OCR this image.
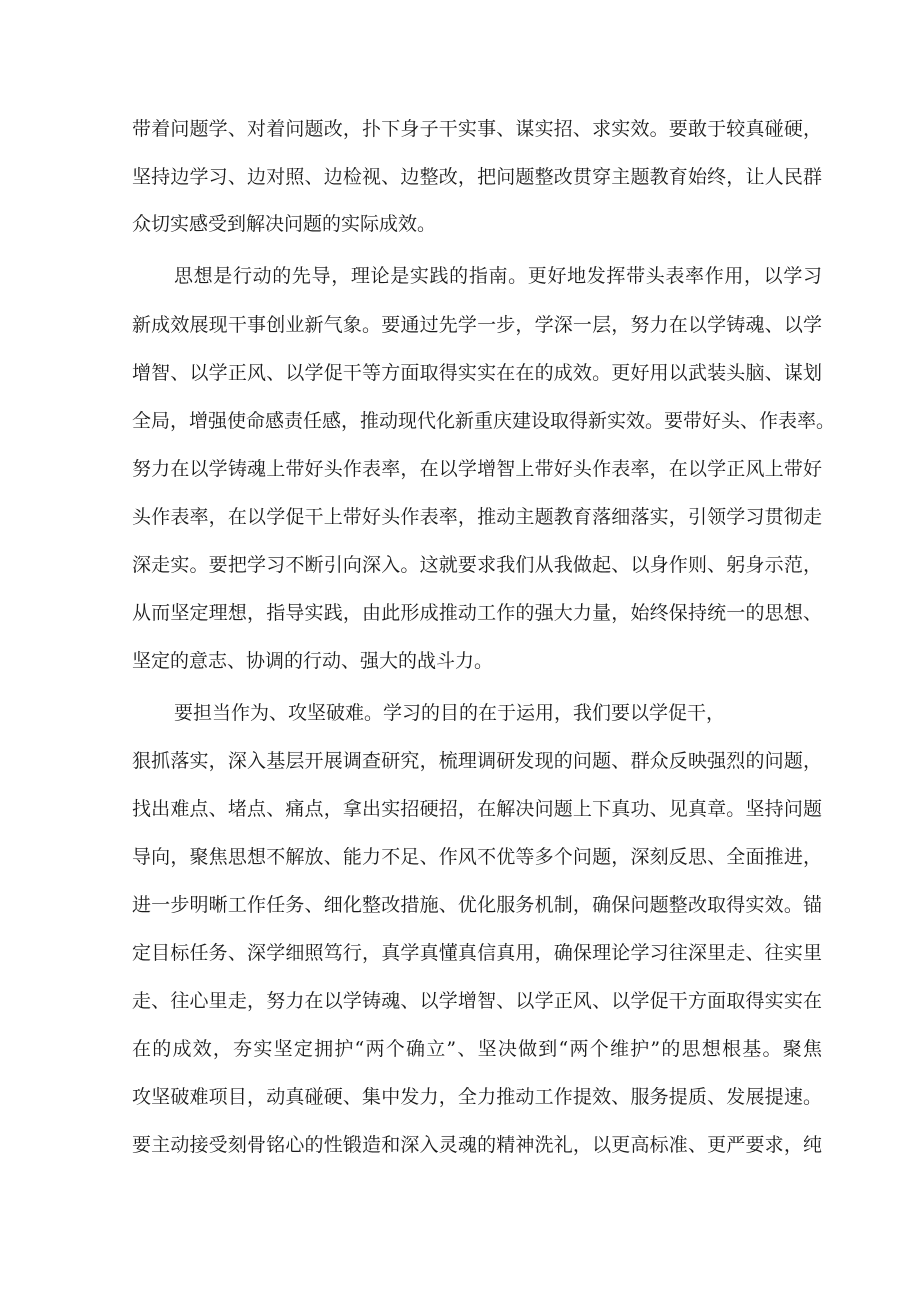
带着问题学、对着问题改，扑下身子干实事、谋实招、求实效。要敢于较真碰硬，
坚持边学习、边对照、边检视、边整改，把问题整改贯穿主题教育始终，让人民群
众切实感受到解决问题的实际成效。
思想是行动的先导，理论是实践的指南。更好地发挥带头表率作用，以学习
新成效展现干事创业新气象。要通过先学一步，学深一层，努力在以学铸魂、以学
增智、以学正风、以学促干等方面取得实实在在的成效。更好用以武装头脑、谋划
全局，增强使命感责任感，推动现代化新重庆建设取得新实效。要带好头、作表率。
努力在以学铸魂上带好头作表率，在以学增智上带好头作表率，在以学正风上带好
头作表率，在以学促干上带好头作表率，推动主题教育落细落实，引领学习贯彻走
深走实。要把学习不断引向深入。这就要求我们从我做起、以身作则、躬身示范，
从而坚定理想，指导实践，由此形成推动工作的强大力量，始终保持统一的思想、
坚定的意志、协调的行动、强大的战斗力。
要担当作为、攻坚破难。学习的目的在于运用，我们要以学促干，
狠抓落实，深入基层开展调查研究，梳理调研发现的问题、群众反映强烈的问题，
找出难点、堵点、痛点，拿出实招硬招，在解决问题上下真功、见真章。坚持问题
导向，聚焦思想不解放、能力不足、作风不优等多个问题，深刻反思、全面推进，
进一步明晰工作任务、细化整改措施、优化服务机制，确保问题整改取得实效。锚
定目标任务、深学细照笃行，真学真懂真信真用，确保理论学习往深里走、往实里
走、往心里走，努力在以学铸魂、以学增智、以学正风、以学促干方面取得实实在
在的成效，夯实坚定拥护“两个确立”、坚决做到“两个维护”的思想根基。聚焦
攻坚破难项目，动真碰硬、集中发力，全力推动工作提效、服务提质、发展提速。
要主动接受刻骨铭心的性锻造和深入灵魂的精神洗礼，以更高标准、更严要求，纯
